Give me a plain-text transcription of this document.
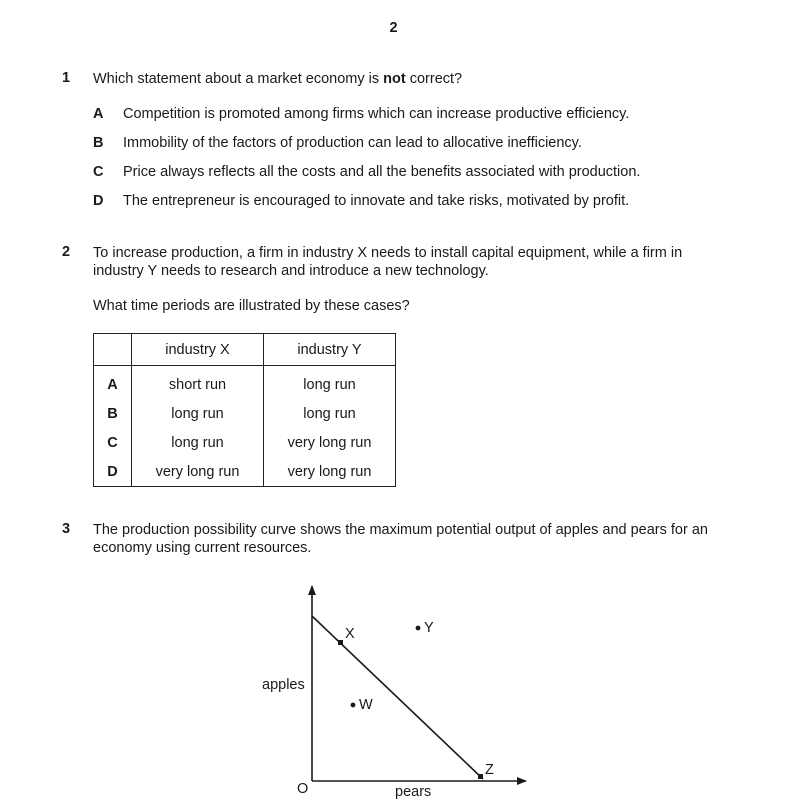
2
1 Which statement about a market economy is not correct?
A Competition is promoted among firms which can increase productive efficiency.
B Immobility of the factors of production can lead to allocative inefficiency.
C Price always reflects all the costs and all the benefits associated with production.
D The entrepreneur is encouraged to innovate and take risks, motivated by profit.
2 To increase production, a firm in industry X needs to install capital equipment, while a firm in industry Y needs to research and introduce a new technology.
What time periods are illustrated by these cases?
	industry X	industry Y
A	short run	long run
B	long run	long run
C	long run	very long run
D	very long run	very long run
3 The production possibility curve shows the maximum potential output of apples and pears for an economy using current resources.
apples
pears
O
X	Y
W
Z
